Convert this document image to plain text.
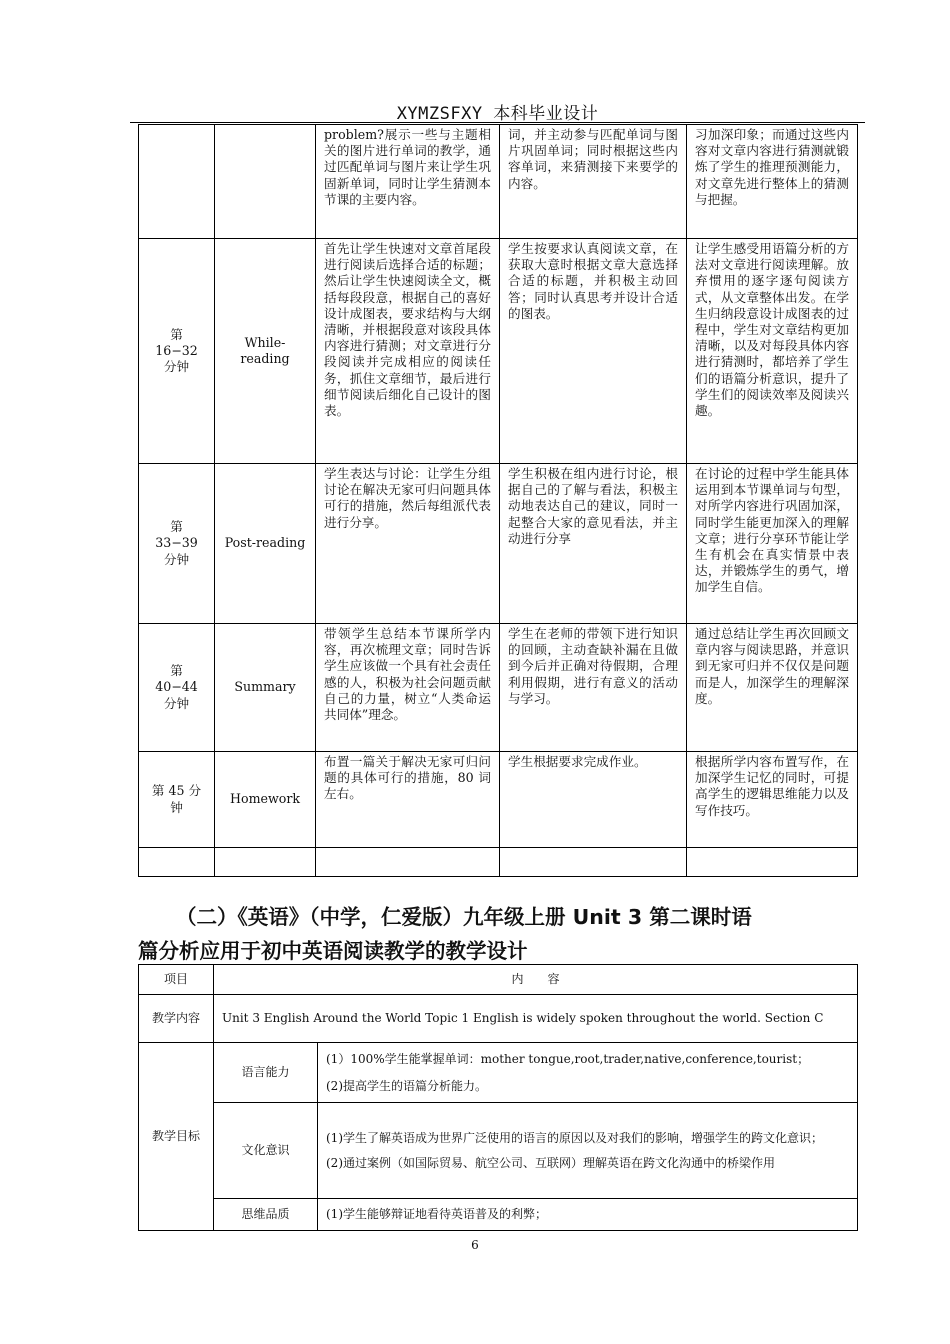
XYMZSFXY 本科毕业设计
		problem?展示一些与主题相关的图片进行单词的教学，通过匹配单词与图片来让学生巩固新单词，同时让学生猜测本节课的主要内容。	词，并主动参与匹配单词与图片巩固单词；同时根据这些内容单词，来猜测接下来要学的内容。	习加深印象；而通过这些内容对文章内容进行猜测就锻炼了学生的推理预测能力，对文章先进行整体上的猜测与把握。
第 16−32 分钟	While-reading	首先让学生快速对文章首尾段进行阅读后选择合适的标题；然后让学生快速阅读全文，概括每段段意，根据自己的喜好设计成图表，要求结构与大纲清晰，并根据段意对该段具体内容进行猜测；对文章进行分段阅读并完成相应的阅读任务，抓住文章细节，最后进行细节阅读后细化自己设计的图表。	学生按要求认真阅读文章，在获取大意时根据文章大意选择合适的标题，并积极主动回答；同时认真思考并设计合适的图表。	让学生感受用语篇分析的方法对文章进行阅读理解。放弃惯用的逐字逐句阅读方式，从文章整体出发。在学生归纳段意设计成图表的过程中，学生对文章结构更加清晰，以及对每段具体内容进行猜测时，都培养了学生们的语篇分析意识，提升了学生们的阅读效率及阅读兴趣。
第 33−39 分钟	Post-reading	学生表达与讨论：让学生分组讨论在解决无家可归问题具体可行的措施，然后每组派代表进行分享。	学生积极在组内进行讨论，根据自己的了解与看法，积极主动地表达自己的建议，同时一起整合大家的意见看法，并主动进行分享	在讨论的过程中学生能具体运用到本节课单词与句型，对所学内容进行巩固加深，同时学生能更加深入的理解文章；进行分享环节能让学生有机会在真实情景中表达，并锻炼学生的勇气，增加学生自信。
第 40−44 分钟	Summary	带领学生总结本节课所学内容，再次梳理文章；同时告诉学生应该做一个具有社会责任感的人，积极为社会问题贡献自己的力量，树立“人类命运共同体”理念。	学生在老师的带领下进行知识的回顾，主动查缺补漏在且做到今后并正确对待假期，合理利用假期，进行有意义的活动与学习。	通过总结让学生再次回顾文章内容与阅读思路，并意识到无家可归并不仅仅是问题而是人，加深学生的理解深度。
第 45 分钟	Homework	布置一篇关于解决无家可归问题的具体可行的措施，80 词左右。	学生根据要求完成作业。	根据所学内容布置写作，在加深学生记忆的同时，可提高学生的逻辑思维能力以及写作技巧。

（二）《英语》（中学，仁爱版）九年级上册 Unit 3 第二课时语
篇分析应用于初中英语阅读教学的教学设计
项目	内　　容	
教学内容	Unit 3 English Around the World Topic 1 English is widely spoken throughout the world. Section C	
教学目标	语言能力	(1）100%学生能掌握单词：mother tongue,root,trader,native,conference,tourist；

(2)提高学生的语篇分析能力。

	文化意识	(1)学生了解英语成为世界广泛使用的语言的原因以及对我们的影响，增强学生的跨文化意识；

(2)通过案例（如国际贸易、航空公司、互联网）理解英语在跨文化沟通中的桥梁作用

	思维品质	(1)学生能够辩证地看待英语普及的利弊；

6
